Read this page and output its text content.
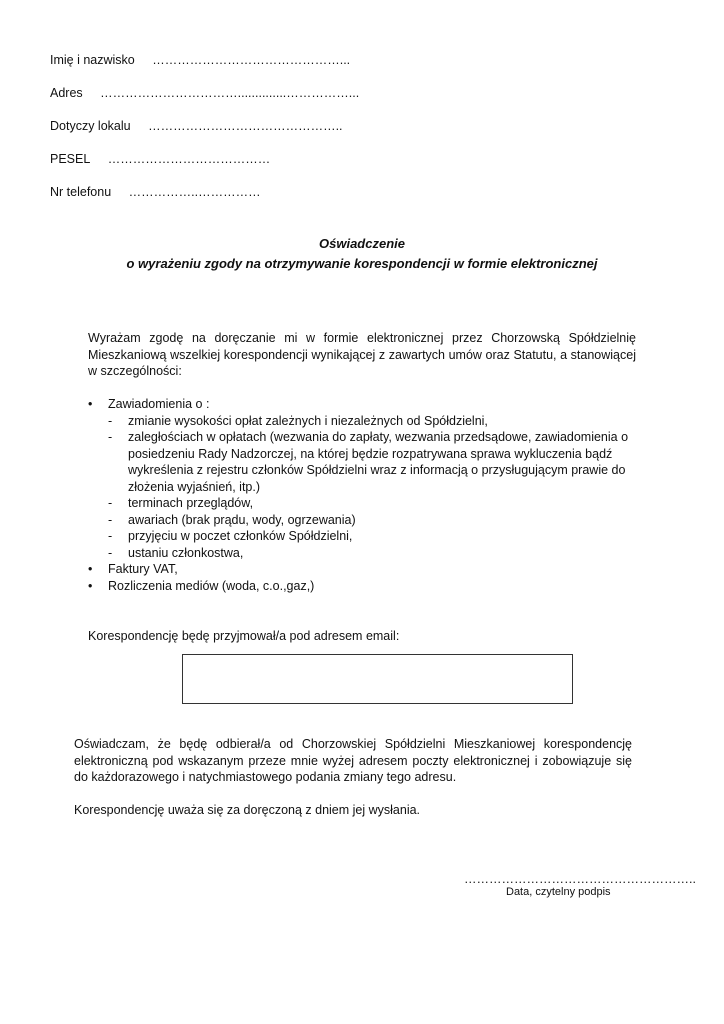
Imię i nazwisko ………………………………………...
Adres ……………………………..............……………...
Dotyczy lokalu ………………………………………..
PESEL …………………………………
Nr telefonu ……………..……………
Oświadczenie
o wyrażeniu zgody na otrzymywanie korespondencji w formie elektronicznej
Wyrażam zgodę na doręczanie mi w formie elektronicznej przez Chorzowską Spółdzielnię Mieszkaniową wszelkiej korespondencji wynikającej z zawartych umów oraz Statutu, a stanowiącej w szczególności:
• Zawiadomienia o :
- zmianie wysokości opłat zależnych i niezależnych od Spółdzielni,
- zaległościach w opłatach (wezwania do zapłaty, wezwania przedsądowe, zawiadomienia o posiedzeniu Rady Nadzorczej, na której będzie rozpatrywana sprawa wykluczenia bądź wykreślenia z rejestru członków Spółdzielni wraz z informacją o przysługującym prawie do złożenia wyjaśnień, itp.)
- terminach przeglądów,
- awariach (brak prądu, wody, ogrzewania)
- przyjęciu w poczet członków Spółdzielni,
- ustaniu członkostwa,
• Faktury VAT,
• Rozliczenia mediów (woda, c.o.,gaz,)
Korespondencję będę przyjmował/a pod adresem email:
Oświadczam, że będę odbierał/a od Chorzowskiej Spółdzielni Mieszkaniowej korespondencję elektroniczną pod wskazanym przeze mnie wyżej adresem poczty elektronicznej i zobowiązuje się do każdorazowego i natychmiastowego podania zmiany tego adresu.
Korespondencję uważa się za doręczoną z dniem jej wysłania.
………………………………………………..
Data, czytelny podpis
